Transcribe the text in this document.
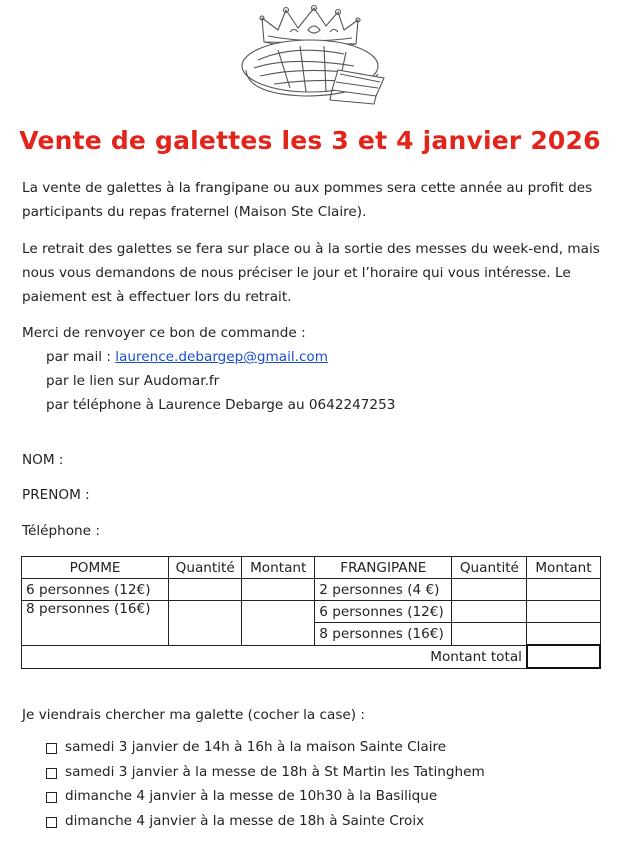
Vente de galettes les 3 et 4 janvier 2026

La vente de galettes à la frangipane ou aux pommes sera cette année au profit des participants du repas fraternel (Maison Ste Claire).

Le retrait des galettes se fera sur place ou à la sortie des messes du week-end, mais nous vous demandons de nous préciser le jour et l’horaire qui vous intéresse. Le paiement est à effectuer lors du retrait.

Merci de renvoyer ce bon de commande :
par mail : laurence.debargep@gmail.com
par le lien sur Audomar.fr
par téléphone à Laurence Debarge au 0642247253
NOM :
PRENOM :
Téléphone :
POMME	Quantité	Montant	FRANGIPANE	Quantité	Montant
6 personnes (12€)			2 personnes (4 €)		
8 personnes (16€)			6 personnes (12€)		
			8 personnes (16€)		
Montant total					
Je viendrais chercher ma galette (cocher la case) :
samedi 3 janvier de 14h à 16h à la maison Sainte Claire
samedi 3 janvier à la messe de 18h à St Martin les Tatinghem
dimanche 4 janvier à la messe de 10h30 à la Basilique
dimanche 4 janvier à la messe de 18h à Sainte Croix
